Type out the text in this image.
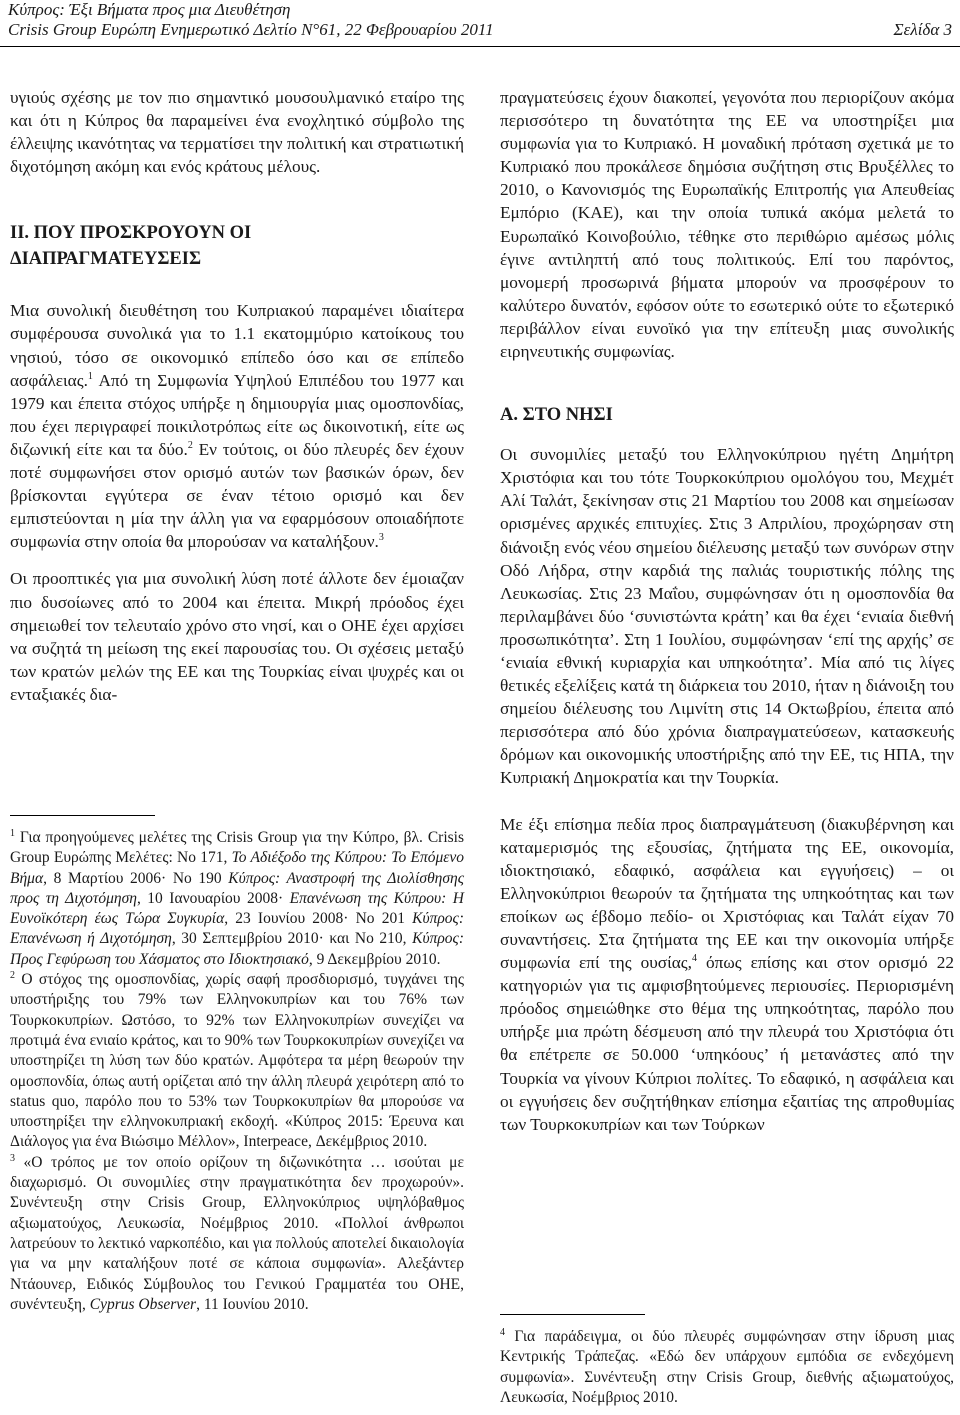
Κύπρος: Έξι Βήματα προς μια Διευθέτηση
Crisis Group Ευρώπη Ενημερωτικό Δελτίο N°61, 22 Φεβρουαρίου 2011	Σελίδα 3

υγιούς σχέσης με τον πιο σημαντικό μουσουλμανικό εταίρο της και ότι η Κύπρος θα παραμείνει ένα ενοχλητικό σύμβολο της έλλειψης ικανότητας να τερματίσει την πολιτική και στρατιωτική διχοτόμηση ακόμη και ενός κράτους μέλους.

II. ΠΟΥ ΠΡΟΣΚΡΟΥΟΥΝ ΟΙ
ΔΙΑΠΡΑΓΜΑΤΕΥΣΕΙΣ

Μια συνολική διευθέτηση του Κυπριακού παραμένει ιδιαίτερα συμφέρουσα συνολικά για το 1.1 εκατομμύριο κατοίκους του νησιού, τόσο σε οικονομικό επίπεδο όσο και σε επίπεδο ασφάλειας.$^1$ Από τη Συμφωνία Υψηλού Επιπέδου του 1977 και 1979 και έπειτα στόχος υπήρξε η δημιουργία μιας ομοσπονδίας, που έχει περιγραφεί ποικιλοτρόπως είτε ως δικοινοτική, είτε ως διζωνική είτε και τα δύο.$^2$ Εν τούτοις, οι δύο πλευρές δεν έχουν ποτέ συμφωνήσει στον ορισμό αυτών των βασικών όρων, δεν βρίσκονται εγγύτερα σε έναν τέτοιο ορισμό και δεν εμπιστεύονται η μία την άλλη για να εφαρμόσουν οποιαδήποτε συμφωνία στην οποία θα μπορούσαν να καταλήξουν.$^3$

Οι προοπτικές για μια συνολική λύση ποτέ άλλοτε δεν έμοιαζαν πιο δυσοίωνες από το 2004 και έπειτα. Μικρή πρόοδος έχει σημειωθεί τον τελευταίο χρόνο στο νησί, και ο ΟΗΕ έχει αρχίσει να συζητά τη μείωση της εκεί παρουσίας του. Οι σχέσεις μεταξύ των κρατών μελών της ΕΕ και της Τουρκίας είναι ψυχρές και οι ενταξιακές δια-

$^1$ Για προηγούμενες μελέτες της Crisis Group για την Κύπρο, βλ. Crisis Group Ευρώπης Μελέτες: No 171, Το Αδιέξοδο της Κύπρου: Το Επόμενο Βήμα, 8 Μαρτίου 2006· No 190 Κύπρος: Αναστροφή της Διολίσθησης προς τη Διχοτόμηση, 10 Ιανουαρίου 2008· Επανένωση της Κύπρου: Η Ευνοϊκότερη έως Τώρα Συγκυρία, 23 Ιουνίου 2008· No 201 Κύπρος: Επανένωση ή Διχοτόμηση, 30 Σεπτεμβρίου 2010· και No 210, Κύπρος: Προς Γεφύρωση του Χάσματος στο Ιδιοκτησιακό, 9 Δεκεμβρίου 2010.

$^2$ Ο στόχος της ομοσπονδίας, χωρίς σαφή προσδιορισμό, τυγχάνει της υποστήριξης του 79% των Ελληνοκυπρίων και του 76% των Τουρκοκυπρίων. Ωστόσο, το 92% των Ελληνοκυπρίων συνεχίζει να προτιμά ένα ενιαίο κράτος, και το 90% των Τουρκοκυπρίων συνεχίζει να υποστηρίζει τη λύση των δύο κρατών. Αμφότερα τα μέρη θεωρούν την ομοσπονδία, όπως αυτή ορίζεται από την άλλη πλευρά χειρότερη από το status quo, παρόλο που το 53% των Τουρκοκυπρίων θα μπορούσε να υποστηρίξει την ελληνοκυπριακή εκδοχή. «Κύπρος 2015: Έρευνα και Διάλογος για ένα Βιώσιμο Μέλλον», Interpeace, Δεκέμβριος 2010.

$^3$ «Ο τρόπος με τον οποίο ορίζουν τη διζωνικότητα … ισούται με διαχωρισμό. Οι συνομιλίες στην πραγματικότητα δεν προχωρούν». Συνέντευξη στην Crisis Group, Ελληνοκύπριος υψηλόβαθμος αξιωματούχος, Λευκωσία, Νοέμβριος 2010. «Πολλοί άνθρωποι λατρεύουν το λεκτικό ναρκοπέδιο, και για πολλούς αποτελεί δικαιολογία για να μην καταλήξουν ποτέ σε κάποια συμφωνία». Αλεξάντερ Ντάουνερ, Ειδικός Σύμβουλος του Γενικού Γραμματέα του ΟΗΕ, συνέντευξη, Cyprus Observer, 11 Ιουνίου 2010.

πραγματεύσεις έχουν διακοπεί, γεγονότα που περιορίζουν ακόμα περισσότερο τη δυνατότητα της ΕΕ να υποστηρίξει μια συμφωνία για το Κυπριακό. Η μοναδική πρόταση σχετικά με το Κυπριακό που προκάλεσε δημόσια συζήτηση στις Βρυξέλλες το 2010, ο Κανονισμός της Ευρωπαϊκής Επιτροπής για Απευθείας Εμπόριο (ΚΑΕ), και την οποία τυπικά ακόμα μελετά το Ευρωπαϊκό Κοινοβούλιο, τέθηκε στο περιθώριο αμέσως μόλις έγινε αντιληπτή από τους πολιτικούς. Επί του παρόντος, μονομερή προσωρινά βήματα μπορούν να προσφέρουν το καλύτερο δυνατόν, εφόσον ούτε το εσωτερικό ούτε το εξωτερικό περιβάλλον είναι ευνοϊκό για την επίτευξη μιας συνολικής ειρηνευτικής συμφωνίας.

A. ΣΤΟ ΝΗΣΙ

Οι συνομιλίες μεταξύ του Ελληνοκύπριου ηγέτη Δημήτρη Χριστόφια και του τότε Τουρκοκύπριου ομολόγου του, Μεχμέτ Αλί Ταλάτ, ξεκίνησαν στις 21 Μαρτίου του 2008 και σημείωσαν ορισμένες αρχικές επιτυχίες. Στις 3 Απριλίου, προχώρησαν στη διάνοιξη ενός νέου σημείου διέλευσης μεταξύ των συνόρων στην Οδό Λήδρα, στην καρδιά της παλιάς τουριστικής πόλης της Λευκωσίας. Στις 23 Μαΐου, συμφώνησαν ότι η ομοσπονδία θα περιλαμβάνει δύο ‘συνιστώντα κράτη’ και θα έχει ‘ενιαία διεθνή προσωπικότητα’. Στη 1 Ιουλίου, συμφώνησαν ‘επί της αρχής’ σε ‘ενιαία εθνική κυριαρχία και υπηκοότητα’. Μία από τις λίγες θετικές εξελίξεις κατά τη διάρκεια του 2010, ήταν η διάνοιξη του σημείου διέλευσης του Λιμνίτη στις 14 Οκτωβρίου, έπειτα από περισσότερα από δύο χρόνια διαπραγματεύσεων, κατασκευής δρόμων και οικονομικής υποστήριξης από την ΕΕ, τις ΗΠΑ, την Κυπριακή Δημοκρατία και την Τουρκία.

Με έξι επίσημα πεδία προς διαπραγμάτευση (διακυβέρνηση και καταμερισμός της εξουσίας, ζητήματα της ΕΕ, οικονομία, ιδιοκτησιακό, εδαφικό, ασφάλεια και εγγυήσεις) – οι Ελληνοκύπριοι θεωρούν τα ζητήματα της υπηκοότητας και των εποίκων ως έβδομο πεδίο- οι Χριστόφιας και Ταλάτ είχαν 70 συναντήσεις. Στα ζητήματα της ΕΕ και την οικονομία υπήρξε συμφωνία επί της ουσίας,$^4$ όπως επίσης και στον ορισμό 22 κατηγοριών για τις αμφισβητούμενες περιουσίες. Περιορισμένη πρόοδος σημειώθηκε στο θέμα της υπηκοότητας, παρόλο που υπήρξε μια πρώτη δέσμευση από την πλευρά του Χριστόφια ότι θα επέτρεπε σε 50.000 ‘υπηκόους’ ή μετανάστες από την Τουρκία να γίνουν Κύπριοι πολίτες. Το εδαφικό, η ασφάλεια και οι εγγυήσεις δεν συζητήθηκαν επίσημα εξαιτίας της απροθυμίας των Τουρκοκυπρίων και των Τούρκων

$^4$ Για παράδειγμα, οι δύο πλευρές συμφώνησαν στην ίδρυση μιας Κεντρικής Τράπεζας. «Εδώ δεν υπάρχουν εμπόδια σε ενδεχόμενη συμφωνία». Συνέντευξη στην Crisis Group, διεθνής αξιωματούχος, Λευκωσία, Νοέμβριος 2010.
